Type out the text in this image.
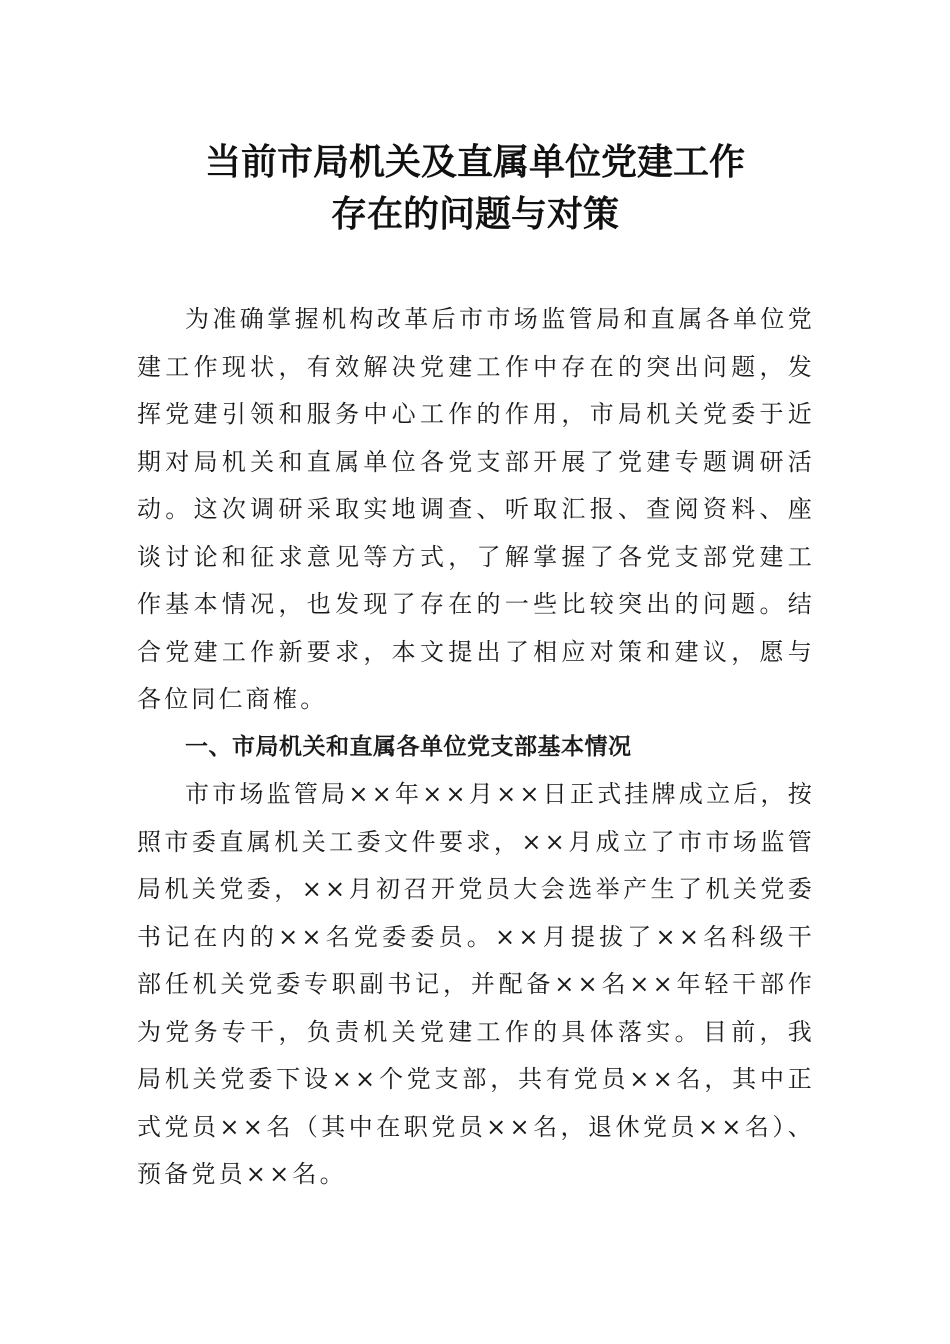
当前市局机关及直属单位党建工作
存在的问题与对策

为准确掌握机构改革后市市场监管局和直属各单位党建工作现状，有效解决党建工作中存在的突出问题，发挥党建引领和服务中心工作的作用，市局机关党委于近期对局机关和直属单位各党支部开展了党建专题调研活动。这次调研采取实地调查、听取汇报、查阅资料、座谈讨论和征求意见等方式，了解掌握了各党支部党建工作基本情况，也发现了存在的一些比较突出的问题。结合党建工作新要求，本文提出了相应对策和建议，愿与各位同仁商榷。

一、市局机关和直属各单位党支部基本情况

市市场监管局××年××月××日正式挂牌成立后，按照市委直属机关工委文件要求，××月成立了市市场监管局机关党委，××月初召开党员大会选举产生了机关党委书记在内的××名党委委员。××月提拔了××名科级干部任机关党委专职副书记，并配备××名××年轻干部作为党务专干，负责机关党建工作的具体落实。目前，我局机关党委下设××个党支部，共有党员××名，其中正式党员××名（其中在职党员××名，退休党员××名）、预备党员××名。
